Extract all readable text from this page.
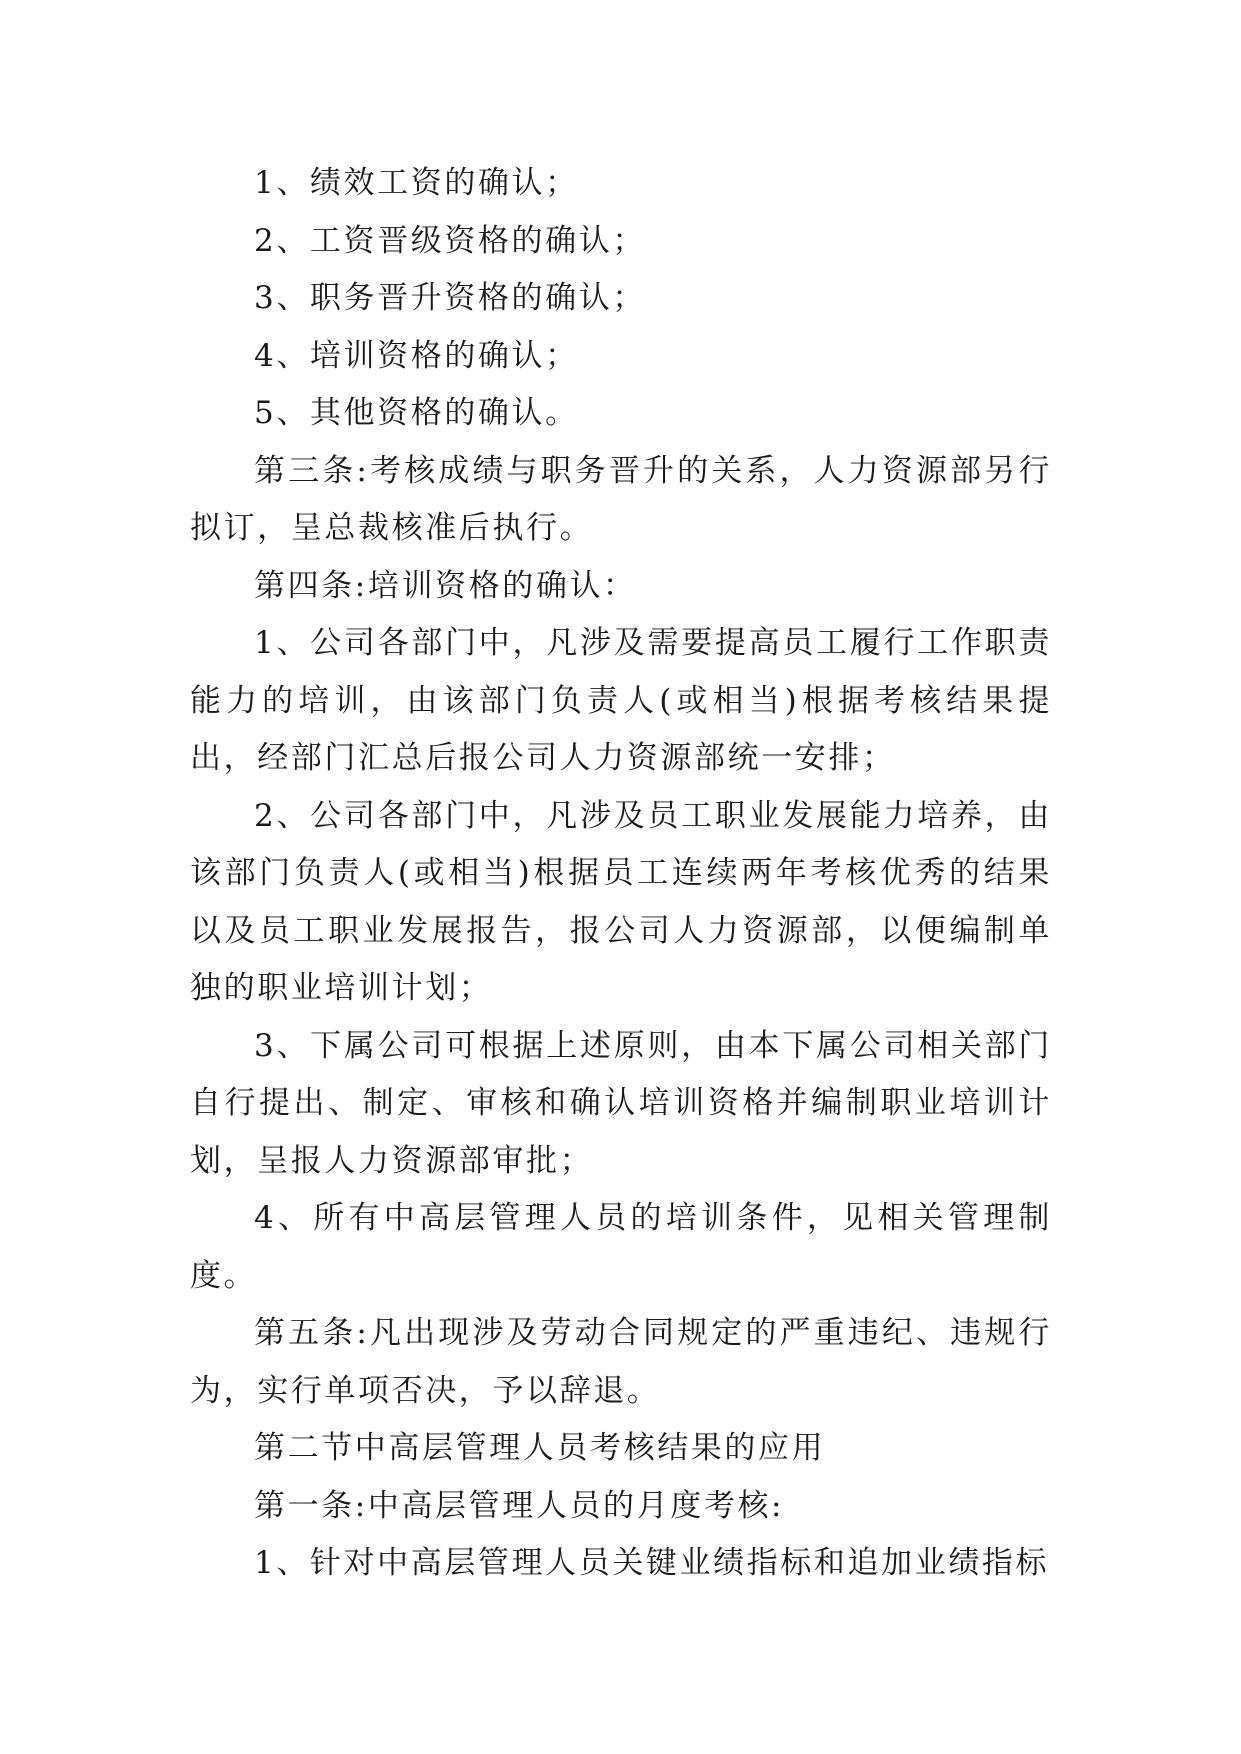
1、绩效工资的确认；

2、工资晋级资格的确认；

3、职务晋升资格的确认；

4、培训资格的确认；

5、其他资格的确认。

第三条:考核成绩与职务晋升的关系，人力资源部另行拟订，呈总裁核准后执行。

第四条:培训资格的确认：

1、公司各部门中，凡涉及需要提高员工履行工作职责能力的培训，由该部门负责人(或相当)根据考核结果提出，经部门汇总后报公司人力资源部统一安排；

2、公司各部门中，凡涉及员工职业发展能力培养，由该部门负责人(或相当)根据员工连续两年考核优秀的结果以及员工职业发展报告，报公司人力资源部，以便编制单独的职业培训计划；

3、下属公司可根据上述原则，由本下属公司相关部门自行提出、制定、审核和确认培训资格并编制职业培训计划，呈报人力资源部审批；

4、所有中高层管理人员的培训条件，见相关管理制度。

第五条:凡出现涉及劳动合同规定的严重违纪、违规行为，实行单项否决，予以辞退。

第二节中高层管理人员考核结果的应用

第一条:中高层管理人员的月度考核:

1、针对中高层管理人员关键业绩指标和追加业绩指标
